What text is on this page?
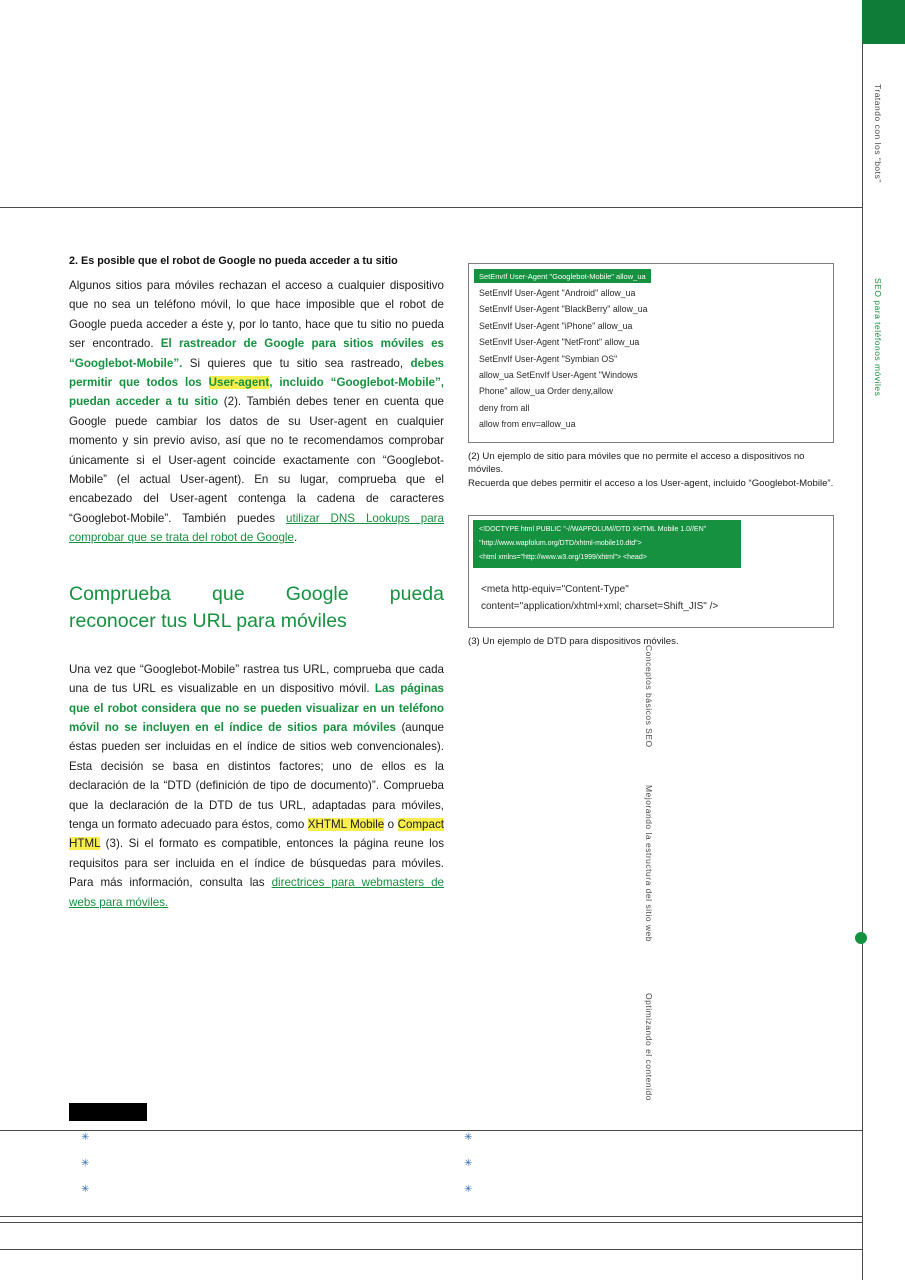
Tratando con los “bots”
SEO para teléfonos móviles
Conceptos básicos SEO
Mejorando la estructura del sitio web
Optimizando el contenido
2. Es posible que el robot de Google no pueda acceder a tu sitio

Algunos sitios para móviles rechazan el acceso a cualquier dispositivo que no sea un teléfono móvil, lo que hace imposible que el robot de Google pueda acceder a éste y, por lo tanto, hace que tu sitio no pueda ser encontrado. El rastreador de Google para sitios móviles es “Googlebot-Mobile”. Si quieres que tu sitio sea rastreado, debes permitir que todos los User-agent, incluido “Googlebot-Mobile”, puedan acceder a tu sitio (2). También debes tener en cuenta que Google puede cambiar los datos de su User-agent en cualquier momento y sin previo aviso, así que no te recomendamos comprobar únicamente si el User-agent coincide exactamente con “Googlebot-Mobile” (el actual User-agent). En su lugar, comprueba que el encabezado del User-agent contenga la cadena de caracteres “Googlebot-Mobile”. También puedes utilizar DNS Lookups para comprobar que se trata del robot de Google.

Comprueba que Google pueda
reconocer tus URL para móviles

Una vez que “Googlebot-Mobile” rastrea tus URL, comprueba que cada una de tus URL es visualizable en un dispositivo móvil. Las páginas que el robot considera que no se pueden visualizar en un teléfono móvil no se incluyen en el índice de sitios para móviles (aunque éstas pueden ser incluidas en el índice de sitios web convencionales). Esta decisión se basa en distintos factores; uno de ellos es la declaración de la “DTD (definición de tipo de documento)”. Comprueba que la declaración de la DTD de tus URL, adaptadas para móviles, tenga un formato adecuado para éstos, como XHTML Mobile o Compact HTML (3). Si el formato es compatible, entonces la página reune los requisitos para ser incluida en el índice de búsquedas para móviles. Para más información, consulta las directrices para webmasters de webs para móviles.

SetEnvIf User-Agent "Googlebot-Mobile" allow_ua
SetEnvIf User-Agent "Android" allow_ua
SetEnvIf User-Agent "BlackBerry" allow_ua
SetEnvIf User-Agent "iPhone" allow_ua
SetEnvIf User-Agent "NetFront" allow_ua
SetEnvIf User-Agent "Symbian OS"
allow_ua SetEnvIf User-Agent "Windows
Phone" allow_ua Order deny,allow
deny from all
allow from env=allow_ua
(2) Un ejemplo de sitio para móviles que no permite el acceso a dispositivos no móviles.
Recuerda que debes permitir el acceso a los User-agent, incluido “Googlebot-Mobile”.
<!DOCTYPE html PUBLIC "-//WAPFOLUM//DTD XHTML Mobile 1.0//EN"
"http://www.wapfolum.org/DTD/xhtml-mobile10.dtd">
<html xmlns="http://www.w3.org/1999/xhtml"> <head>
<meta http-equiv="Content-Type"
content="application/xhtml+xml; charset=Shift_JIS" />
(3) Un ejemplo de DTD para dispositivos móviles.
✳
✳
✳
✳
✳
✳
